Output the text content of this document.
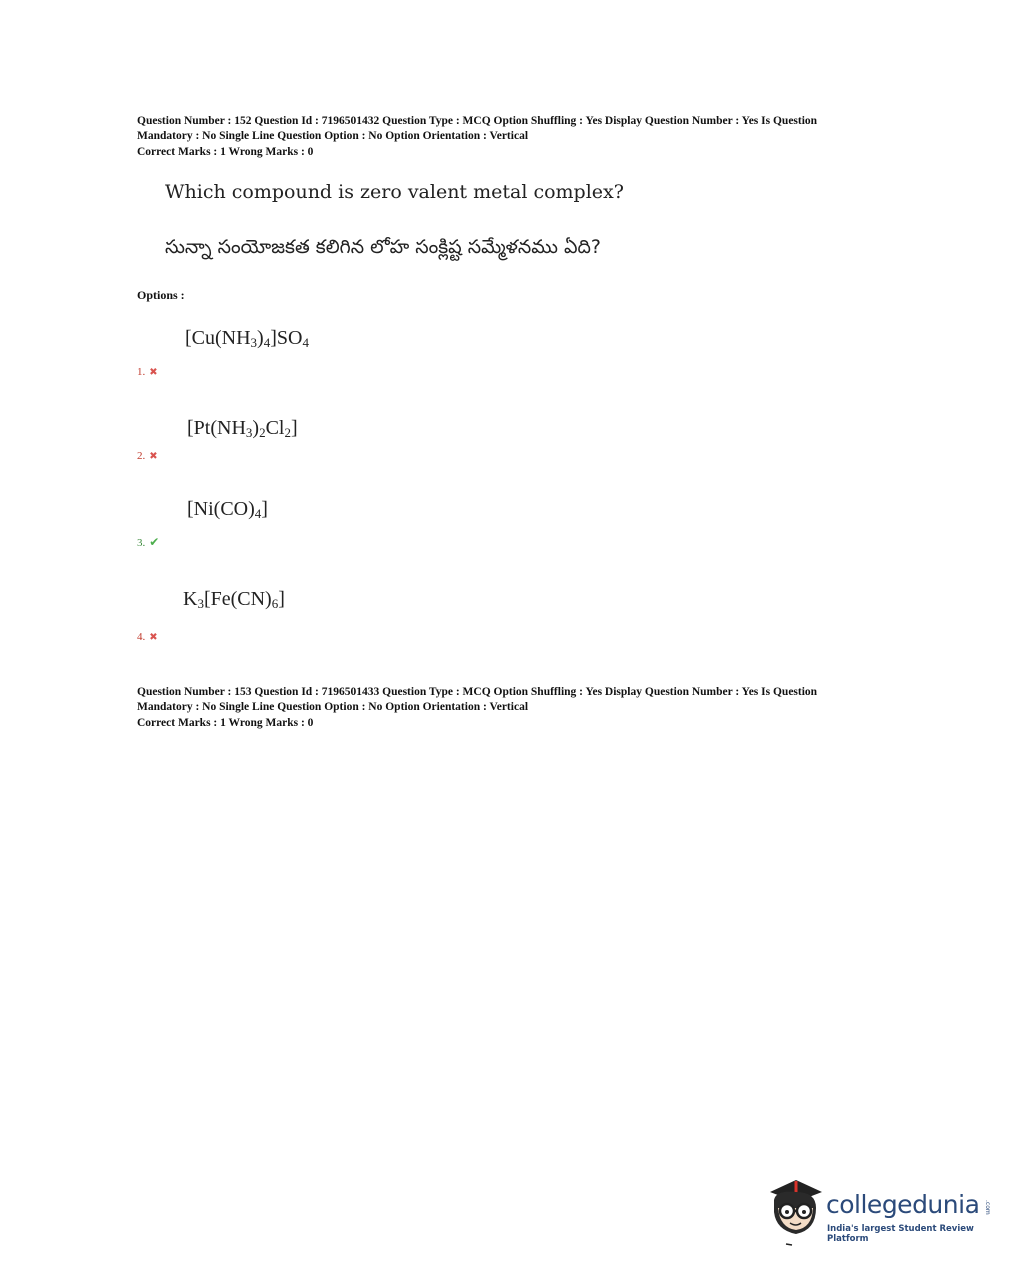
Question Number : 152 Question Id : 7196501432 Question Type : MCQ Option Shuffling : Yes Display Question Number : Yes Is Question
Mandatory : No Single Line Question Option : No Option Orientation : Vertical
Correct Marks : 1 Wrong Marks : 0
Which compound is zero valent metal complex?
సున్నా సంయోజకత కలిగిన లోహ సంక్లిష్ట సమ్మేళనము ఏది?
Options :
$[Cu(NH_3)_4]SO_4$
1. ✖
$[Pt(NH_3)_2Cl_2]$
2. ✖
$[Ni(CO)_4]$
3. ✔
$K_3[Fe(CN)_6]$
4. ✖
Question Number : 153 Question Id : 7196501433 Question Type : MCQ Option Shuffling : Yes Display Question Number : Yes Is Question
Mandatory : No Single Line Question Option : No Option Orientation : Vertical
Correct Marks : 1 Wrong Marks : 0
collegedunia .com
India's largest Student Review Platform
